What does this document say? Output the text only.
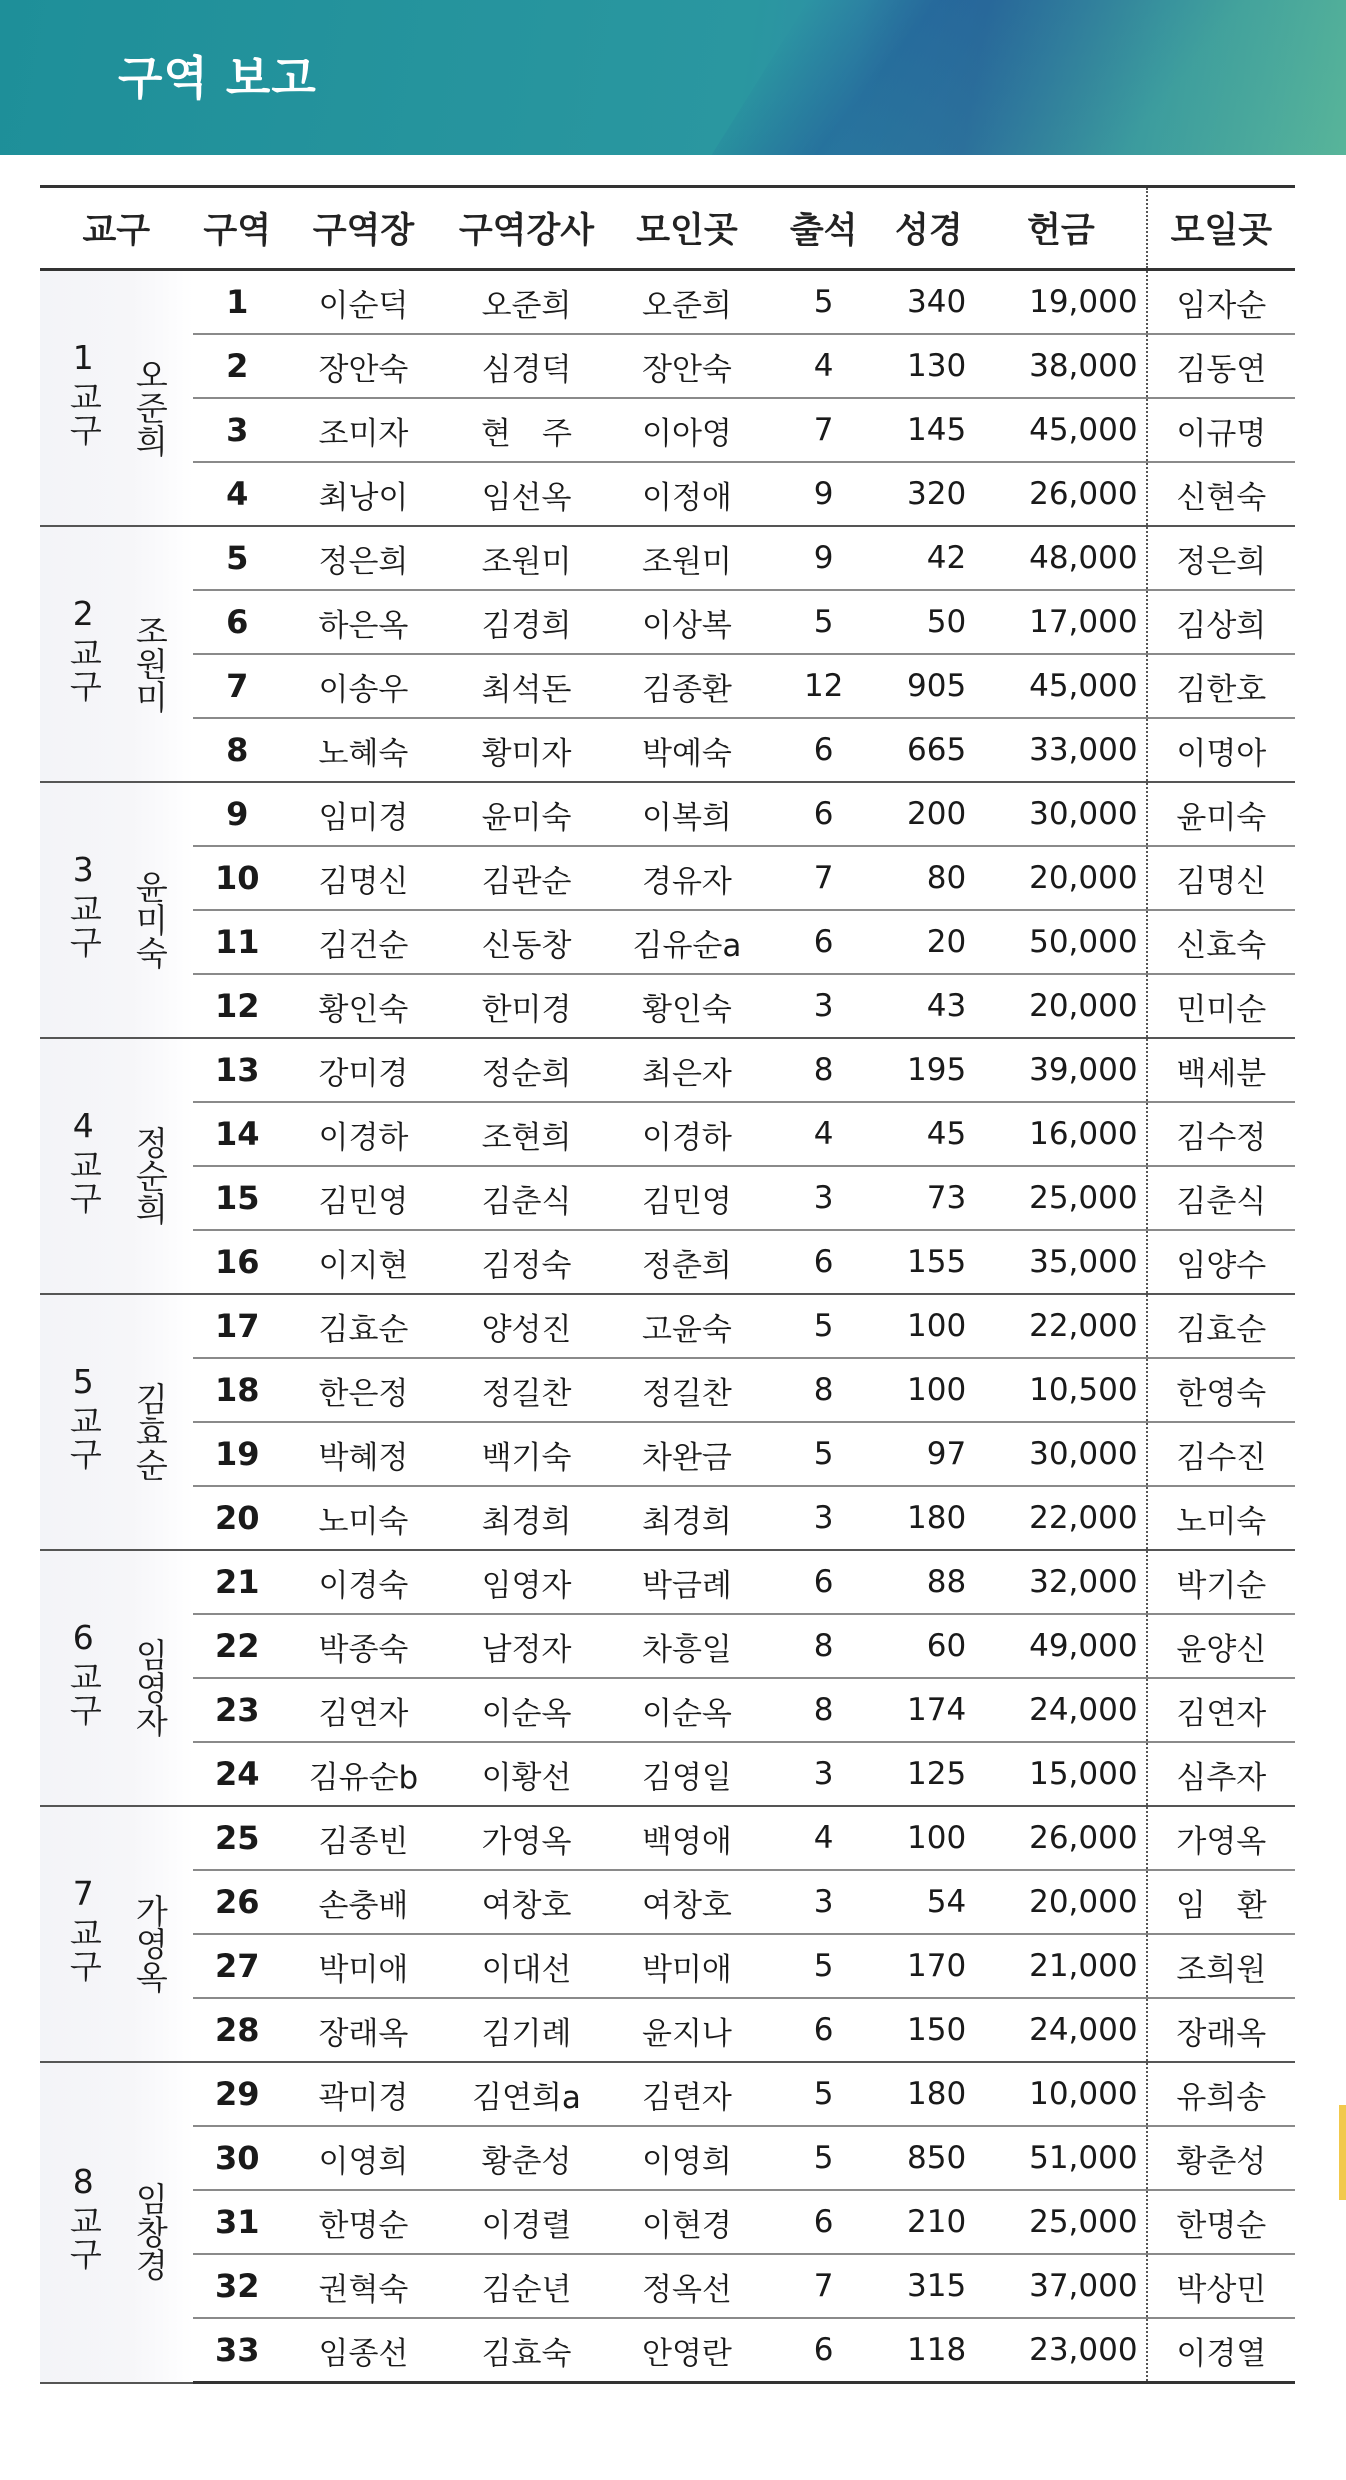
구역 보고
교구	구역	구역장	구역강사	모인곳	출석	성경	헌금	모일곳

1
교구 오준희	1	이순덕	오준희	오준희	5	340	19,000	임자순
	2	장안숙	심경덕	장안숙	4	130	38,000	김동연
	3	조미자	현　주	이아영	7	145	45,000	이규명
	4	최낭이	임선옥	이정애	9	320	26,000	신현숙

2
교구 조원미	5	정은희	조원미	조원미	9	42	48,000	정은희
	6	하은옥	김경희	이상복	5	50	17,000	김상희
	7	이송우	최석돈	김종환	12	905	45,000	김한호
	8	노혜숙	황미자	박예숙	6	665	33,000	이명아

3
교구 윤미숙	9	임미경	윤미숙	이복희	6	200	30,000	윤미숙
	10	김명신	김관순	경유자	7	80	20,000	김명신
	11	김건순	신동창	김유순a	6	20	50,000	신효숙
	12	황인숙	한미경	황인숙	3	43	20,000	민미순

4
교구 정순희	13	강미경	정순희	최은자	8	195	39,000	백세분
	14	이경하	조현희	이경하	4	45	16,000	김수정
	15	김민영	김춘식	김민영	3	73	25,000	김춘식
	16	이지현	김정숙	정춘희	6	155	35,000	임양수

5
교구 김효순	17	김효순	양성진	고윤숙	5	100	22,000	김효순
	18	한은정	정길찬	정길찬	8	100	10,500	한영숙
	19	박혜정	백기숙	차완금	5	97	30,000	김수진
	20	노미숙	최경희	최경희	3	180	22,000	노미숙

6
교구 임영자	21	이경숙	임영자	박금례	6	88	32,000	박기순
	22	박종숙	남정자	차흥일	8	60	49,000	윤양신
	23	김연자	이순옥	이순옥	8	174	24,000	김연자
	24	김유순b	이황선	김영일	3	125	15,000	심추자

7
교구 가영옥	25	김종빈	가영옥	백영애	4	100	26,000	가영옥
	26	손충배	여창호	여창호	3	54	20,000	임　환
	27	박미애	이대선	박미애	5	170	21,000	조희원
	28	장래옥	김기례	윤지나	6	150	24,000	장래옥

8
교구 임창경	29	곽미경	김연희a	김련자	5	180	10,000	유희송
	30	이영희	황춘성	이영희	5	850	51,000	황춘성
	31	한명순	이경렬	이현경	6	210	25,000	한명순
	32	권혁숙	김순년	정옥선	7	315	37,000	박상민
	33	임종선	김효숙	안영란	6	118	23,000	이경열
